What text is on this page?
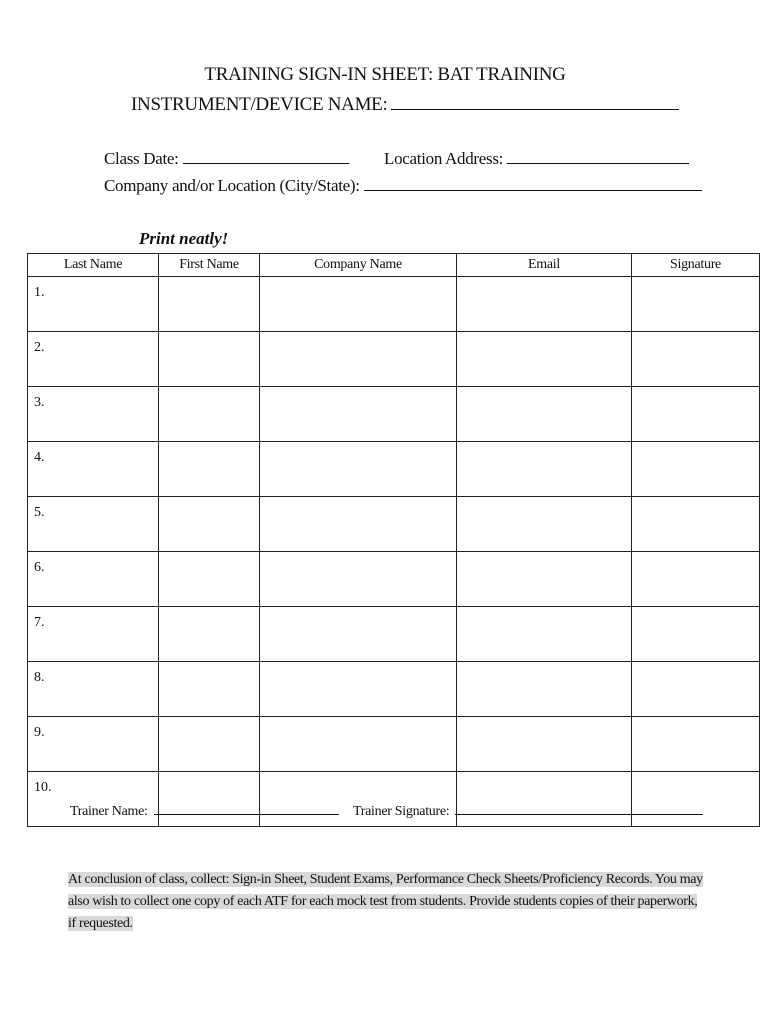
TRAINING SIGN-IN SHEET: BAT TRAINING
INSTRUMENT/DEVICE NAME:
Class Date:	Location Address:
Company and/or Location (City/State):
Print neatly!
Last Name	First Name	Company Name	Email	Signature
1.				
2.				
3.				
4.				
5.				
6.				
7.				
8.				
9.				
10.				
Trainer Name:	Trainer Signature:
At conclusion of class, collect: Sign-in Sheet, Student Exams, Performance Check Sheets/Proficiency Records. You may also wish to collect one copy of each ATF for each mock test from students. Provide students copies of their paperwork, if requested.
